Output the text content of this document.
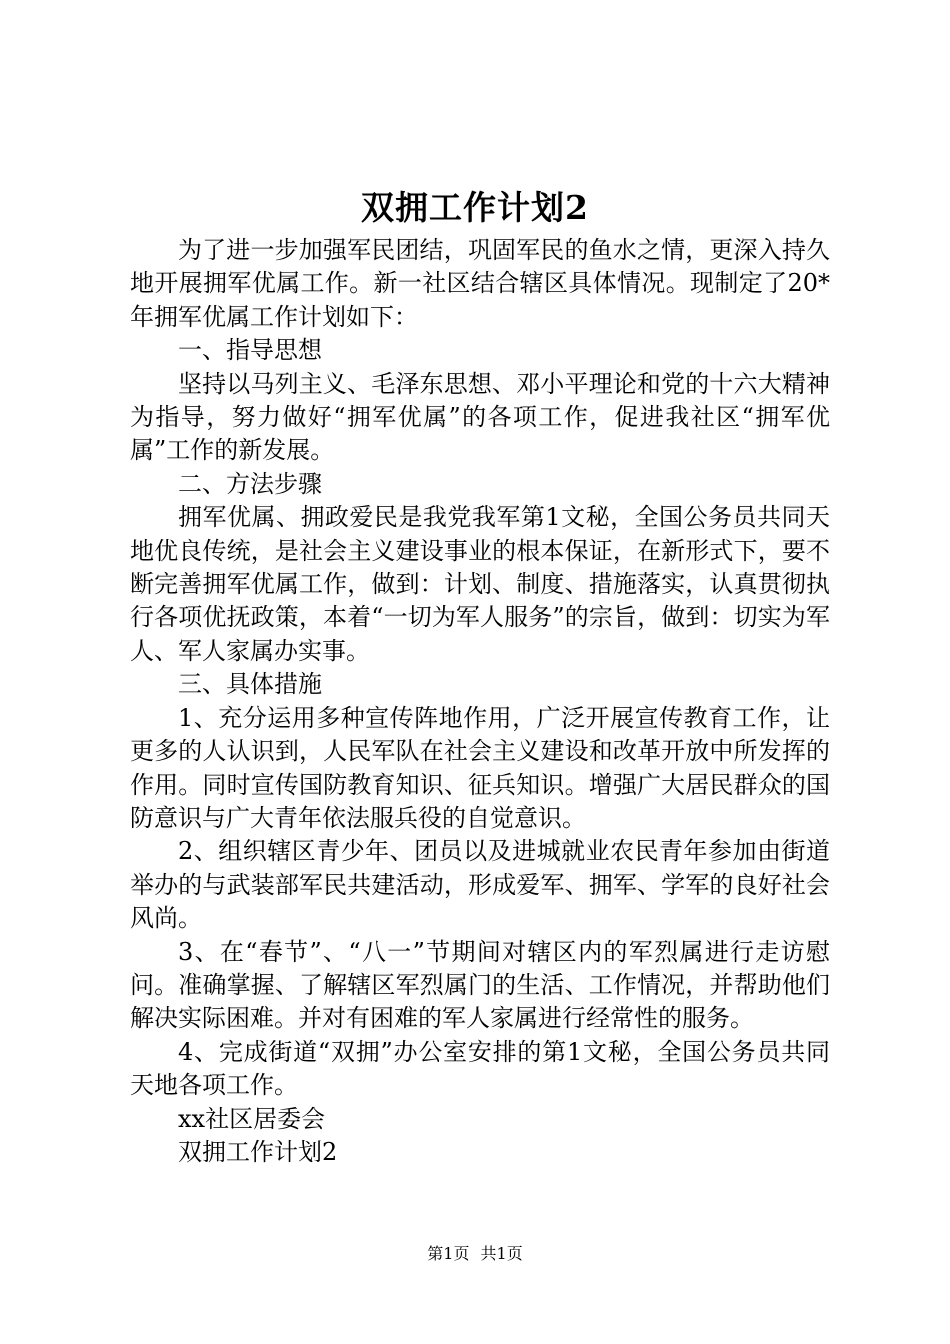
双拥工作计划2

为了进一步加强军民团结，巩固军民的鱼水之情，更深入持久地开展拥军优属工作。新一社区结合辖区具体情况。现制定了20*年拥军优属工作计划如下：

一、指导思想

坚持以马列主义、毛泽东思想、邓小平理论和党的十六大精神为指导，努力做好“拥军优属”的各项工作，促进我社区“拥军优属”工作的新发展。

二、方法步骤

拥军优属、拥政爱民是我党我军第1文秘，全国公务员共同天地优良传统，是社会主义建设事业的根本保证，在新形式下，要不断完善拥军优属工作，做到：计划、制度、措施落实，认真贯彻执行各项优抚政策，本着“一切为军人服务”的宗旨，做到：切实为军人、军人家属办实事。

三、具体措施

1、充分运用多种宣传阵地作用，广泛开展宣传教育工作，让更多的人认识到，人民军队在社会主义建设和改革开放中所发挥的作用。同时宣传国防教育知识、征兵知识。增强广大居民群众的国防意识与广大青年依法服兵役的自觉意识。

2、组织辖区青少年、团员以及进城就业农民青年参加由街道举办的与武装部军民共建活动，形成爱军、拥军、学军的良好社会风尚。

3、在“春节”、“八一”节期间对辖区内的军烈属进行走访慰问。准确掌握、了解辖区军烈属门的生活、工作情况，并帮助他们解决实际困难。并对有困难的军人家属进行经常性的服务。

4、完成街道“双拥”办公室安排的第1文秘，全国公务员共同天地各项工作。

xx社区居委会

双拥工作计划2

第1页 共1页
